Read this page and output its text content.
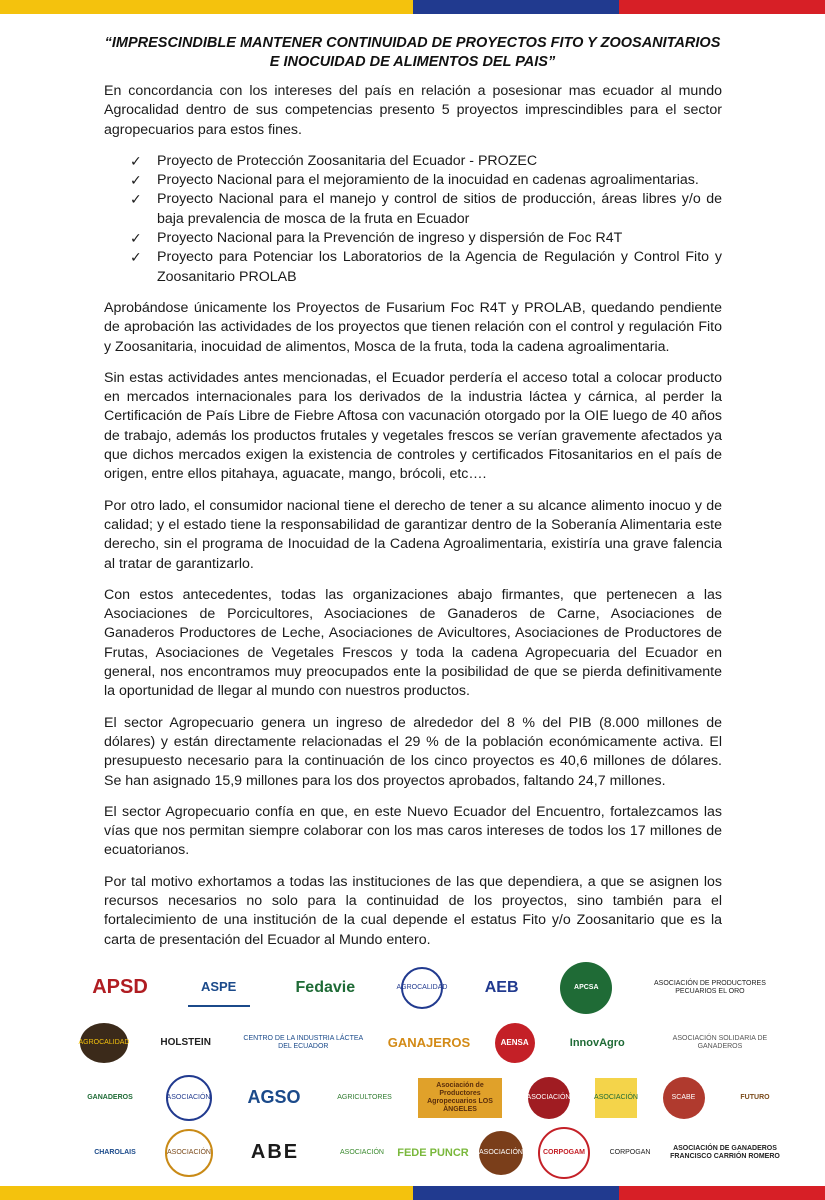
“IMPRESCINDIBLE MANTENER CONTINUIDAD DE PROYECTOS FITO Y ZOOSANITARIOS
E INOCUIDAD DE ALIMENTOS DEL PAIS”

En concordancia con los intereses del país en relación a posesionar mas ecuador al mundo Agrocalidad dentro de sus competencias presento 5 proyectos imprescindibles para el sector agropecuarios para estos fines.

✓ Proyecto de Protección Zoosanitaria del Ecuador - PROZEC
✓ Proyecto Nacional para el mejoramiento de la inocuidad en cadenas agroalimentarias.
✓ Proyecto Nacional para el manejo y control de sitios de producción, áreas libres y/o de baja prevalencia de mosca de la fruta en Ecuador
✓ Proyecto Nacional para la Prevención de ingreso y dispersión de Foc R4T
✓ Proyecto para Potenciar los Laboratorios de la Agencia de Regulación y Control Fito y Zoosanitario PROLAB

Aprobándose únicamente los Proyectos de Fusarium Foc R4T y PROLAB, quedando pendiente de aprobación las actividades de los proyectos que tienen relación con el control y regulación Fito y Zoosanitaria, inocuidad de alimentos, Mosca de la fruta, toda la cadena agroalimentaria.

Sin estas actividades antes mencionadas, el Ecuador perdería el acceso total a colocar producto en mercados internacionales para los derivados de la industria láctea y cárnica, al perder la Certificación de País Libre de Fiebre Aftosa con vacunación otorgado por la OIE luego de 40 años de trabajo, además los productos frutales y vegetales frescos se verían gravemente afectados ya que dichos mercados exigen la existencia de controles y certificados Fitosanitarios en el país de origen, entre ellos pitahaya, aguacate, mango, brócoli, etc….

Por otro lado, el consumidor nacional tiene el derecho de tener a su alcance alimento inocuo y de calidad; y el estado tiene la responsabilidad de garantizar dentro de la Soberanía Alimentaria este derecho, sin el programa de Inocuidad de la Cadena Agroalimentaria, existiría una grave falencia al tratar de garantizarlo.

Con estos antecedentes, todas las organizaciones abajo firmantes, que pertenecen a las Asociaciones de Porcicultores, Asociaciones de Ganaderos de Carne, Asociaciones de Ganaderos Productores de Leche, Asociaciones de Avicultores, Asociaciones de Productores de Frutas, Asociaciones de Vegetales Frescos y toda la cadena Agropecuaria del Ecuador en general, nos encontramos muy preocupados ente la posibilidad de que se pierda definitivamente la oportunidad de llegar al mundo con nuestros productos.

El sector Agropecuario genera un ingreso de alrededor del 8 % del PIB (8.000 millones de dólares) y están directamente relacionadas el 29 % de la población económicamente activa. El presupuesto necesario para la continuación de los cinco proyectos es 40,6 millones de dólares. Se han asignado 15,9 millones para los dos proyectos aprobados, faltando 24,7 millones.

El sector Agropecuario confía en que, en este Nuevo Ecuador del Encuentro, fortalezcamos las vías que nos permitan siempre colaborar con los mas caros intereses de todos los 17 millones de ecuatorianos.

Por tal motivo exhortamos a todas las instituciones de las que dependiera, a que se asignen los recursos necesarios no solo para la continuidad de los proyectos, sino también para el fortalecimiento de una institución de la cual depende el estatus Fito y/o Zoosanitario que es la carta de presentación del Ecuador al Mundo entero.

APSD	ASPE	Fedavie	AGROCALIDAD	AEB	APCSA
ASOCIACIÓN DE PRODUCTORES PECUARIOS EL ORO
AGROCALIDAD	HOLSTEIN	CENTRO DE LA INDUSTRIA LÁCTEA DEL ECUADOR	GANAJEROS	AENSA	InnovAgro	ASOCIACIÓN SOLIDARIA DE GANADEROS
GANADEROS	ASOCIACIÓN	AGSO	AGRICULTORES
Asociación de Productores Agropecuarios LOS ÁNGELES
ASOCIACIÓN	ASOCIACIÓN	SCABE	FUTURO
CHAROLAIS	ASOCIACIÓN	ABE	ASOCIACIÓN FEDE PUNCR ASOCIACIÓN	CORPOGAM	CORPOGAN
ASOCIACIÓN DE GANADEROS FRANCISCO CARRIÓN ROMERO
